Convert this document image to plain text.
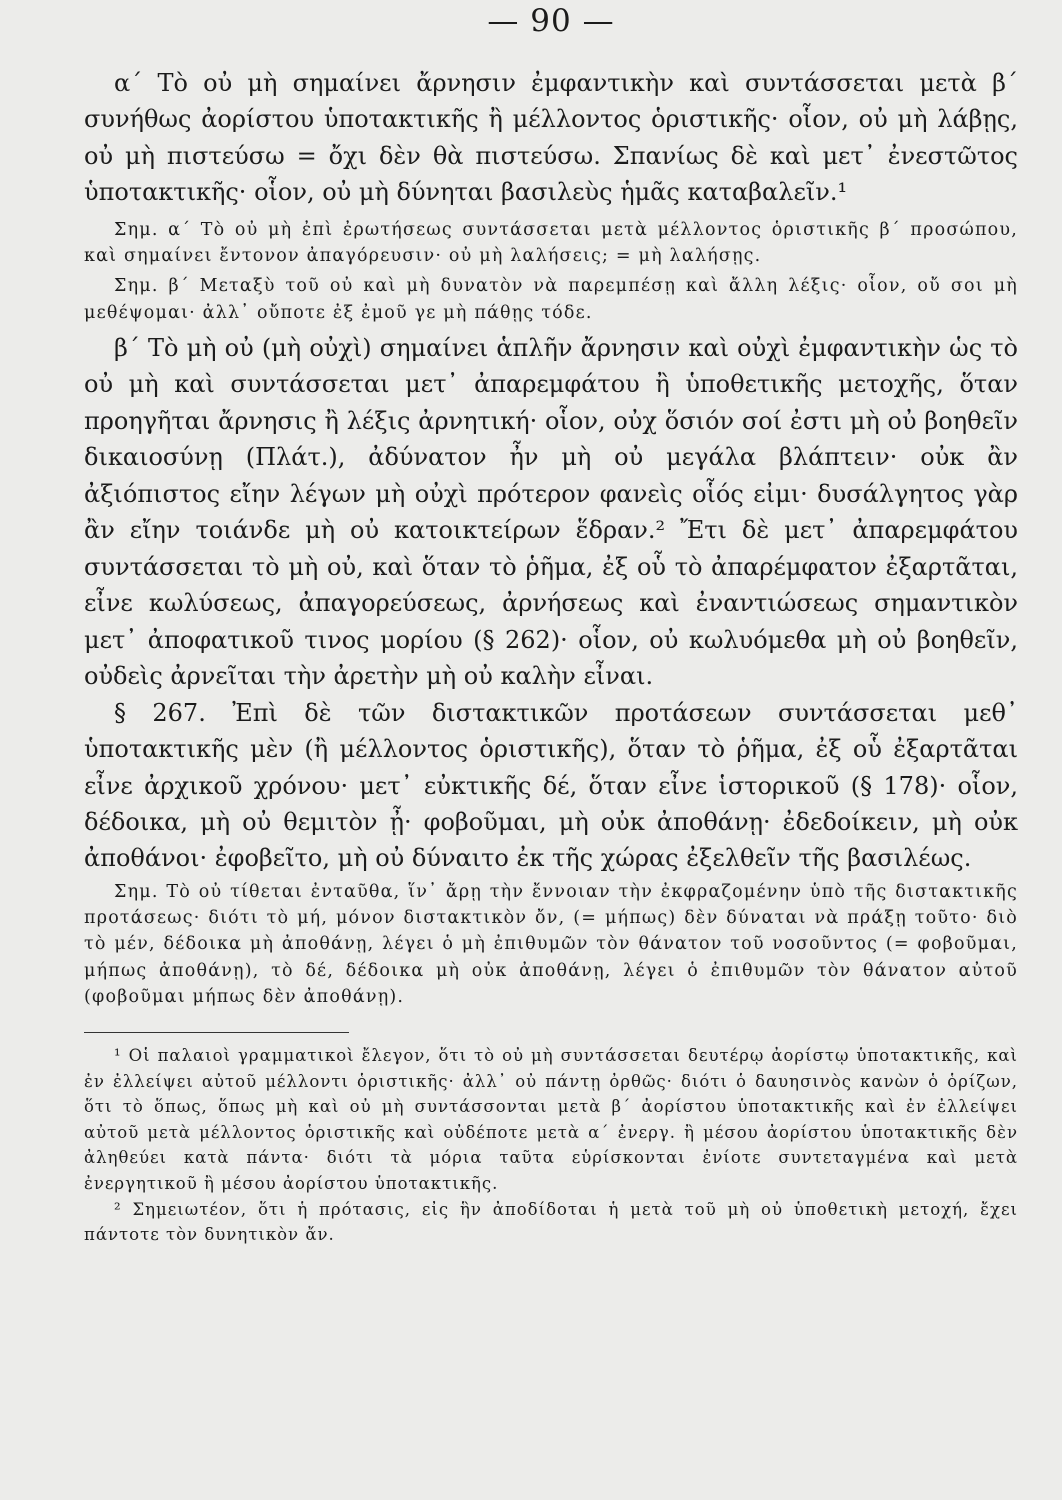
— 90 —

α΄ Τὸ οὐ μὴ σημαίνει ἄρνησιν ἐμφαντικὴν καὶ συντάσσεται μετὰ β΄ συνήθως ἀορίστου ὑποτακτικῆς ἢ μέλλοντος ὁριστικῆς· οἷον, οὐ μὴ λάβῃς, οὐ μὴ πιστεύσω = ὄχι δὲν θὰ πιστεύσω. Σπανίως δὲ καὶ μετ᾽ ἐνεστῶτος ὑποτακτικῆς· οἷον, οὐ μὴ δύνηται βασιλεὺς ἡμᾶς καταβαλεῖν.¹

Σημ. α΄ Τὸ οὐ μὴ ἐπὶ ἐρωτήσεως συντάσσεται μετὰ μέλλοντος ὁριστικῆς β΄ προσώπου, καὶ σημαίνει ἔντονον ἀπαγόρευσιν· οὐ μὴ λαλήσεις; = μὴ λαλήσῃς.

Σημ. β΄ Μεταξὺ τοῦ οὐ καὶ μὴ δυνατὸν νὰ παρεμπέσῃ καὶ ἄλλη λέξις· οἷον, οὔ σοι μὴ μεθέψομαι· ἀλλ᾽ οὔποτε ἐξ ἐμοῦ γε μὴ πάθῃς τόδε.

β΄ Τὸ μὴ οὐ (μὴ οὐχὶ) σημαίνει ἁπλῆν ἄρνησιν καὶ οὐχὶ ἐμφαντικὴν ὡς τὸ οὐ μὴ καὶ συντάσσεται μετ᾽ ἀπαρεμφάτου ἢ ὑποθετικῆς μετοχῆς, ὅταν προηγῆται ἄρνησις ἢ λέξις ἀρνητική· οἷον, οὐχ ὅσιόν σοί ἐστι μὴ οὐ βοηθεῖν δικαιοσύνῃ (Πλάτ.), ἀδύνατον ἦν μὴ οὐ μεγάλα βλάπτειν· οὐκ ἂν ἀξιόπιστος εἴην λέγων μὴ οὐχὶ πρότερον φανεὶς οἷός εἰμι· δυσάλγητος γὰρ ἂν εἴην τοιάνδε μὴ οὐ κατοικτείρων ἕδραν.² Ἔτι δὲ μετ᾽ ἀπαρεμφάτου συντάσσεται τὸ μὴ οὐ, καὶ ὅταν τὸ ῥῆμα, ἐξ οὗ τὸ ἀπαρέμφατον ἐξαρτᾶται, εἶνε κωλύσεως, ἀπαγορεύσεως, ἀρνήσεως καὶ ἐναντιώσεως σημαντικὸν μετ᾽ ἀποφατικοῦ τινος μορίου (§ 262)· οἷον, οὐ κωλυόμεθα μὴ οὐ βοηθεῖν, οὐδεὶς ἀρνεῖται τὴν ἀρετὴν μὴ οὐ καλὴν εἶναι.

§ 267. Ἐπὶ δὲ τῶν διστακτικῶν προτάσεων συντάσσεται μεθ᾽ ὑποτακτικῆς μὲν (ἢ μέλλοντος ὁριστικῆς), ὅταν τὸ ῥῆμα, ἐξ οὗ ἐξαρτᾶται εἶνε ἀρχικοῦ χρόνου· μετ᾽ εὐκτικῆς δέ, ὅταν εἶνε ἱστορικοῦ (§ 178)· οἷον, δέδοικα, μὴ οὐ θεμιτὸν ᾖ· φοβοῦμαι, μὴ οὐκ ἀποθάνῃ· ἐδεδοίκειν, μὴ οὐκ ἀποθάνοι· ἐφοβεῖτο, μὴ οὐ δύναιτο ἐκ τῆς χώρας ἐξελθεῖν τῆς βασιλέως.

Σημ. Τὸ οὐ τίθεται ἐνταῦθα, ἵν᾽ ἄρῃ τὴν ἔννοιαν τὴν ἐκφραζομένην ὑπὸ τῆς διστακτικῆς προτάσεως· διότι τὸ μή, μόνον διστακτικὸν ὄν, (= μήπως) δὲν δύναται νὰ πράξῃ τοῦτο· διὸ τὸ μέν, δέδοικα μὴ ἀποθάνῃ, λέγει ὁ μὴ ἐπιθυμῶν τὸν θάνατον τοῦ νοσοῦντος (= φοβοῦμαι, μήπως ἀποθάνῃ), τὸ δέ, δέδοικα μὴ οὐκ ἀποθάνῃ, λέγει ὁ ἐπιθυμῶν τὸν θάνατον αὐτοῦ (φοβοῦμαι μήπως δὲν ἀποθάνῃ).

¹ Οἱ παλαιοὶ γραμματικοὶ ἔλεγον, ὅτι τὸ οὐ μὴ συντάσσεται δευτέρῳ ἀορίστῳ ὑποτακτικῆς, καὶ ἐν ἐλλείψει αὐτοῦ μέλλοντι ὁριστικῆς· ἀλλ᾽ οὐ πάντῃ ὀρθῶς· διότι ὁ δαυησινὸς κανὼν ὁ ὁρίζων, ὅτι τὸ ὅπως, ὅπως μὴ καὶ οὐ μὴ συντάσσονται μετὰ β΄ ἀορίστου ὑποτακτικῆς καὶ ἐν ἐλλείψει αὐτοῦ μετὰ μέλλοντος ὁριστικῆς καὶ οὐδέποτε μετὰ α΄ ἐνεργ. ἢ μέσου ἀορίστου ὑποτακτικῆς δὲν ἀληθεύει κατὰ πάντα· διότι τὰ μόρια ταῦτα εὑρίσκονται ἐνίοτε συντεταγμένα καὶ μετὰ ἐνεργητικοῦ ἢ μέσου ἀορίστου ὑποτακτικῆς.

² Σημειωτέον, ὅτι ἡ πρότασις, εἰς ἣν ἀποδίδοται ἡ μετὰ τοῦ μὴ οὐ ὑποθετικὴ μετοχή, ἔχει πάντοτε τὸν δυνητικὸν ἄν.
